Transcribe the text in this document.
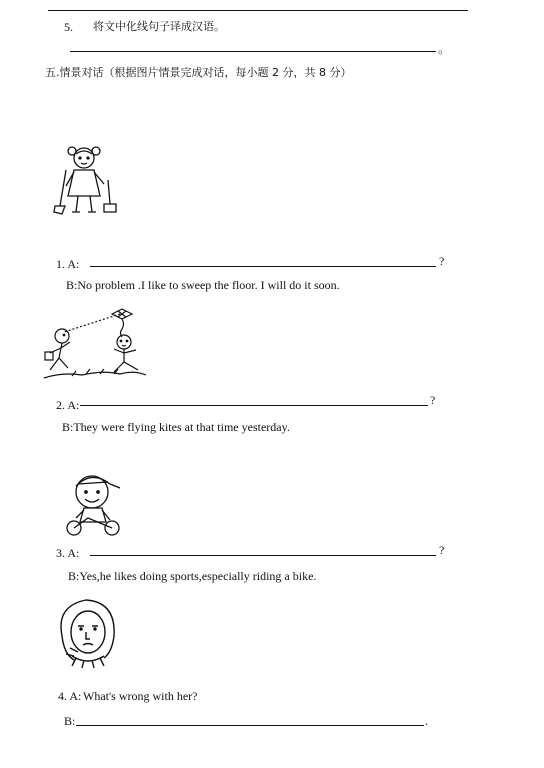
5. 将文中化线句子译成汉语。
。
五.情景对话（根据图片情景完成对话，每小题 2 分，共 8 分）
1. A:	?
B:No problem .I like to sweep the floor. I will do it soon.
2. A:	?
B:They were flying kites at that time yesterday.
3. A:	?
B:Yes,he likes doing sports,especially riding a bike.
4. A: What's wrong with her?
B:	.
